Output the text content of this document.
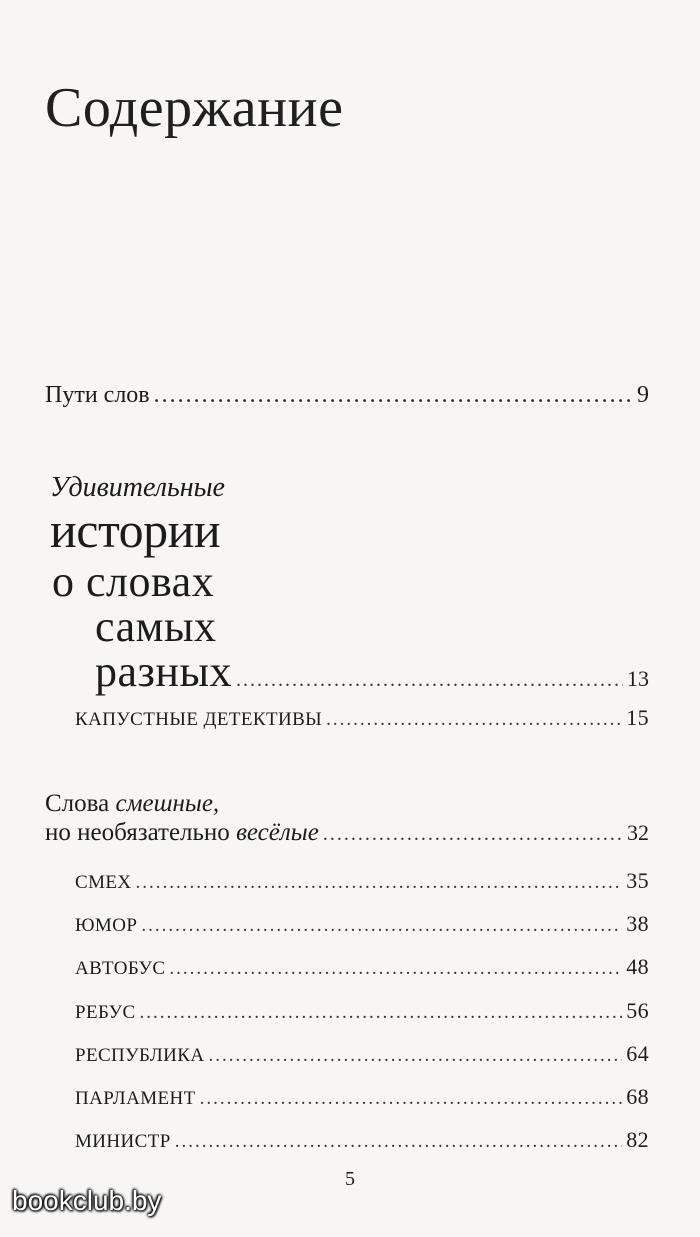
Содержание
Пути слов .....	9
Удивительные
истории
о словах
самых
разных .....	13
КАПУСТНЫЕ ДЕТЕКТИВЫ .....	15
Слова смешные,
но необязательно весёлые .....	32
СМЕХ .....	35
ЮМОР .....	38
АВТОБУС .....	48
РЕБУС .....	56
РЕСПУБЛИКА .....	64
ПАРЛАМЕНТ .....	68
МИНИСТР .....	82
5
bookclub.by
